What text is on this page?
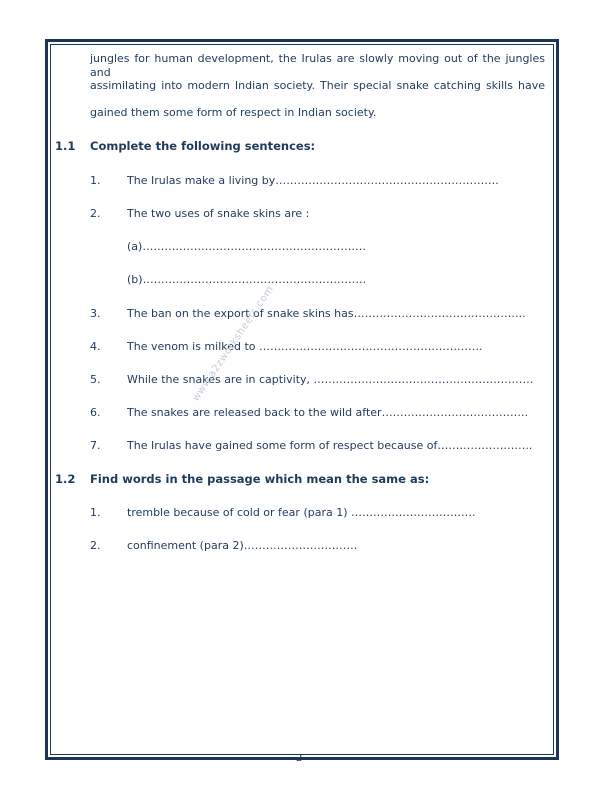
jungles for human development, the Irulas are slowly moving out of the jungles and
assimilating into modern Indian society. Their special snake catching skills have
gained them some form of respect in Indian society.
1.1 Complete the following sentences:
1. The Irulas make a living by…………………………………………………….
2. The two uses of snake skins are :
(a)…………………………………………………….
(b)…………………………………………………….
3. The ban on the export of snake skins has………………………………………..
4. The venom is milked to …………………………………………………….
5. While the snakes are in captivity, ……………………………………………………
6. The snakes are released back to the wild after………………………………….
7. The Irulas have gained some form of respect because of……………………..
1.2 Find words in the passage which mean the same as:
1. tremble because of cold or fear (para 1) …………………………….
2. confinement (para 2)………………………….
www.a2zworksheets.com
2
